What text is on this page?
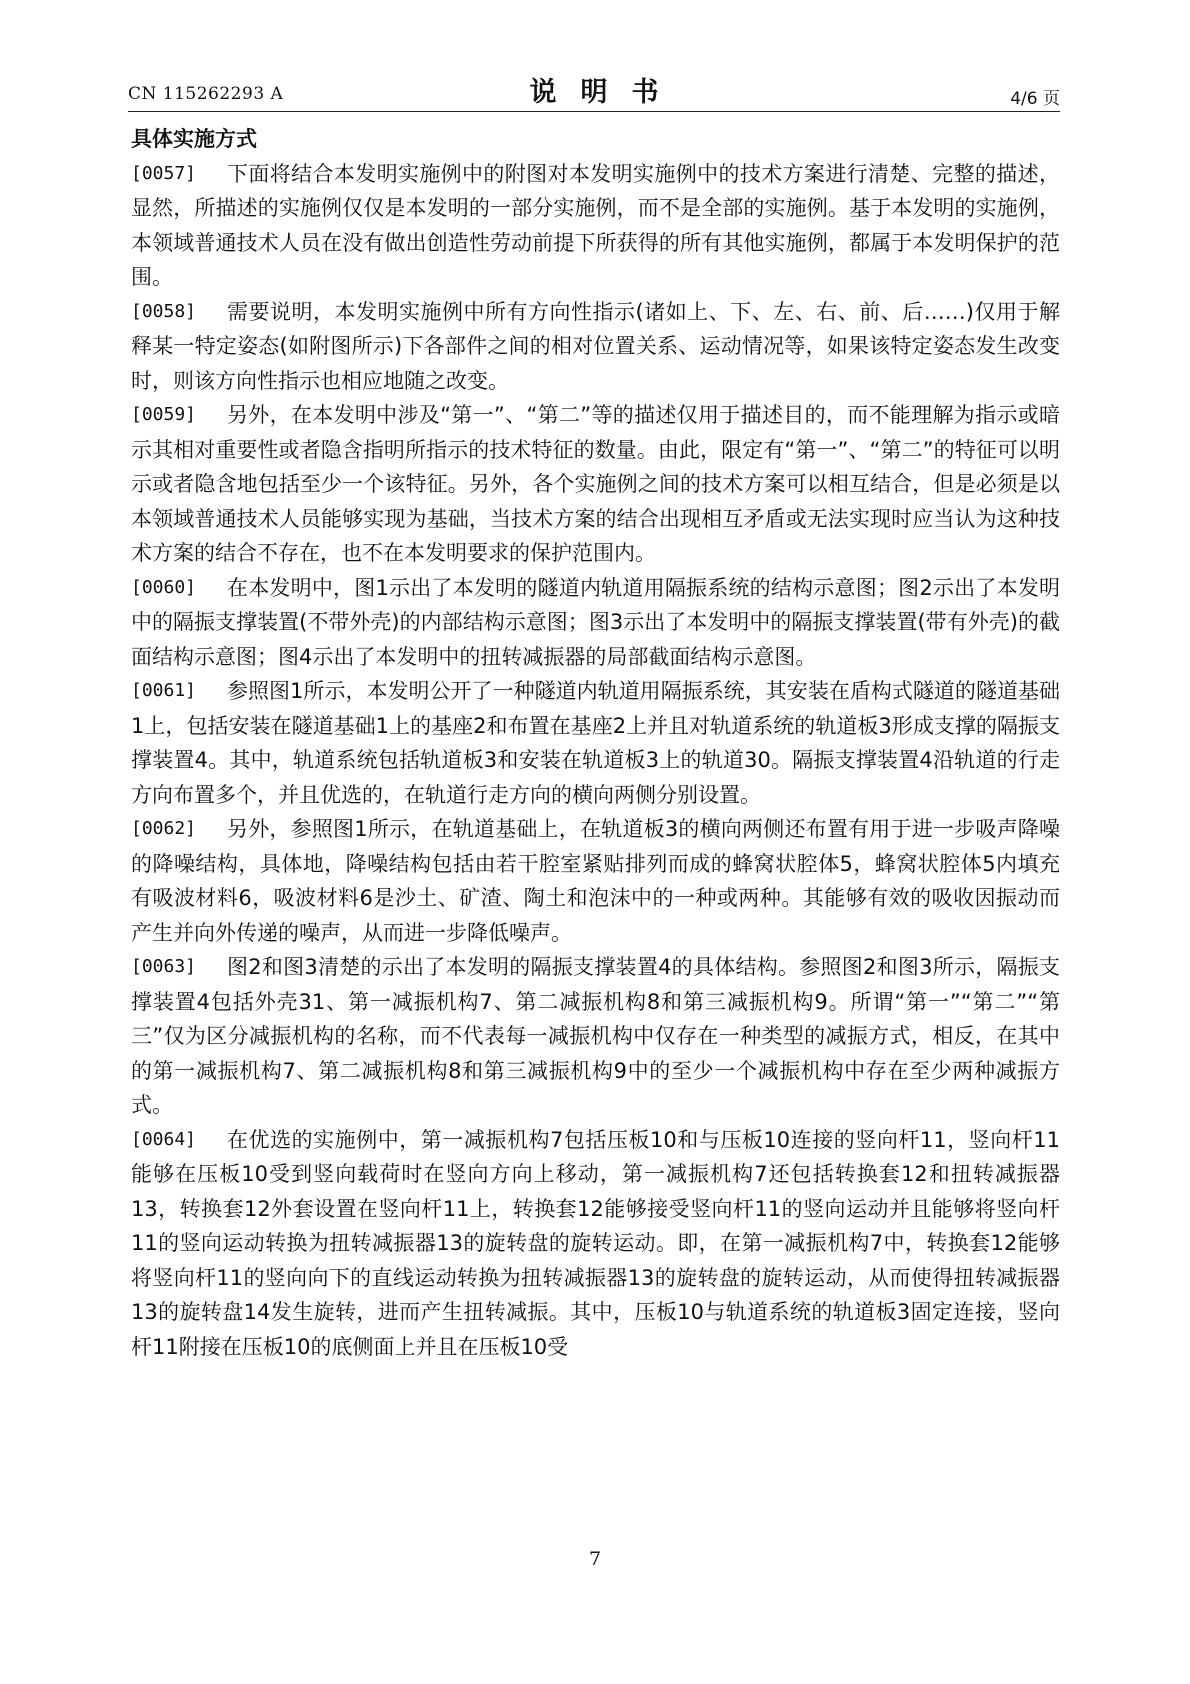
CN 115262293 A	说明书	4/6 页

具体实施方式

[0057] 下面将结合本发明实施例中的附图对本发明实施例中的技术方案进行清楚、完整的描述，显然，所描述的实施例仅仅是本发明的一部分实施例，而不是全部的实施例。基于本发明的实施例，本领域普通技术人员在没有做出创造性劳动前提下所获得的所有其他实施例，都属于本发明保护的范围。

[0058] 需要说明，本发明实施例中所有方向性指示(诸如上、下、左、右、前、后……)仅用于解释某一特定姿态(如附图所示)下各部件之间的相对位置关系、运动情况等，如果该特定姿态发生改变时，则该方向性指示也相应地随之改变。

[0059] 另外，在本发明中涉及“第一”、“第二”等的描述仅用于描述目的，而不能理解为指示或暗示其相对重要性或者隐含指明所指示的技术特征的数量。由此，限定有“第一”、“第二”的特征可以明示或者隐含地包括至少一个该特征。另外，各个实施例之间的技术方案可以相互结合，但是必须是以本领域普通技术人员能够实现为基础，当技术方案的结合出现相互矛盾或无法实现时应当认为这种技术方案的结合不存在，也不在本发明要求的保护范围内。

[0060] 在本发明中，图1示出了本发明的隧道内轨道用隔振系统的结构示意图；图2示出了本发明中的隔振支撑装置(不带外壳)的内部结构示意图；图3示出了本发明中的隔振支撑装置(带有外壳)的截面结构示意图；图4示出了本发明中的扭转减振器的局部截面结构示意图。

[0061] 参照图1所示，本发明公开了一种隧道内轨道用隔振系统，其安装在盾构式隧道的隧道基础1上，包括安装在隧道基础1上的基座2和布置在基座2上并且对轨道系统的轨道板3形成支撑的隔振支撑装置4。其中，轨道系统包括轨道板3和安装在轨道板3上的轨道30。隔振支撑装置4沿轨道的行走方向布置多个，并且优选的，在轨道行走方向的横向两侧分别设置。

[0062] 另外，参照图1所示，在轨道基础上，在轨道板3的横向两侧还布置有用于进一步吸声降噪的降噪结构，具体地，降噪结构包括由若干腔室紧贴排列而成的蜂窝状腔体5，蜂窝状腔体5内填充有吸波材料6，吸波材料6是沙土、矿渣、陶土和泡沫中的一种或两种。其能够有效的吸收因振动而产生并向外传递的噪声，从而进一步降低噪声。

[0063] 图2和图3清楚的示出了本发明的隔振支撑装置4的具体结构。参照图2和图3所示，隔振支撑装置4包括外壳31、第一减振机构7、第二减振机构8和第三减振机构9。所谓“第一”“第二”“第三”仅为区分减振机构的名称，而不代表每一减振机构中仅存在一种类型的减振方式，相反，在其中的第一减振机构7、第二减振机构8和第三减振机构9中的至少一个减振机构中存在至少两种减振方式。

[0064] 在优选的实施例中，第一减振机构7包括压板10和与压板10连接的竖向杆11，竖向杆11能够在压板10受到竖向载荷时在竖向方向上移动，第一减振机构7还包括转换套12和扭转减振器13，转换套12外套设置在竖向杆11上，转换套12能够接受竖向杆11的竖向运动并且能够将竖向杆11的竖向运动转换为扭转减振器13的旋转盘的旋转运动。即，在第一减振机构7中，转换套12能够将竖向杆11的竖向向下的直线运动转换为扭转减振器13的旋转盘的旋转运动，从而使得扭转减振器13的旋转盘14发生旋转，进而产生扭转减振。其中，压板10与轨道系统的轨道板3固定连接，竖向杆11附接在压板10的底侧面上并且在压板10受

7
